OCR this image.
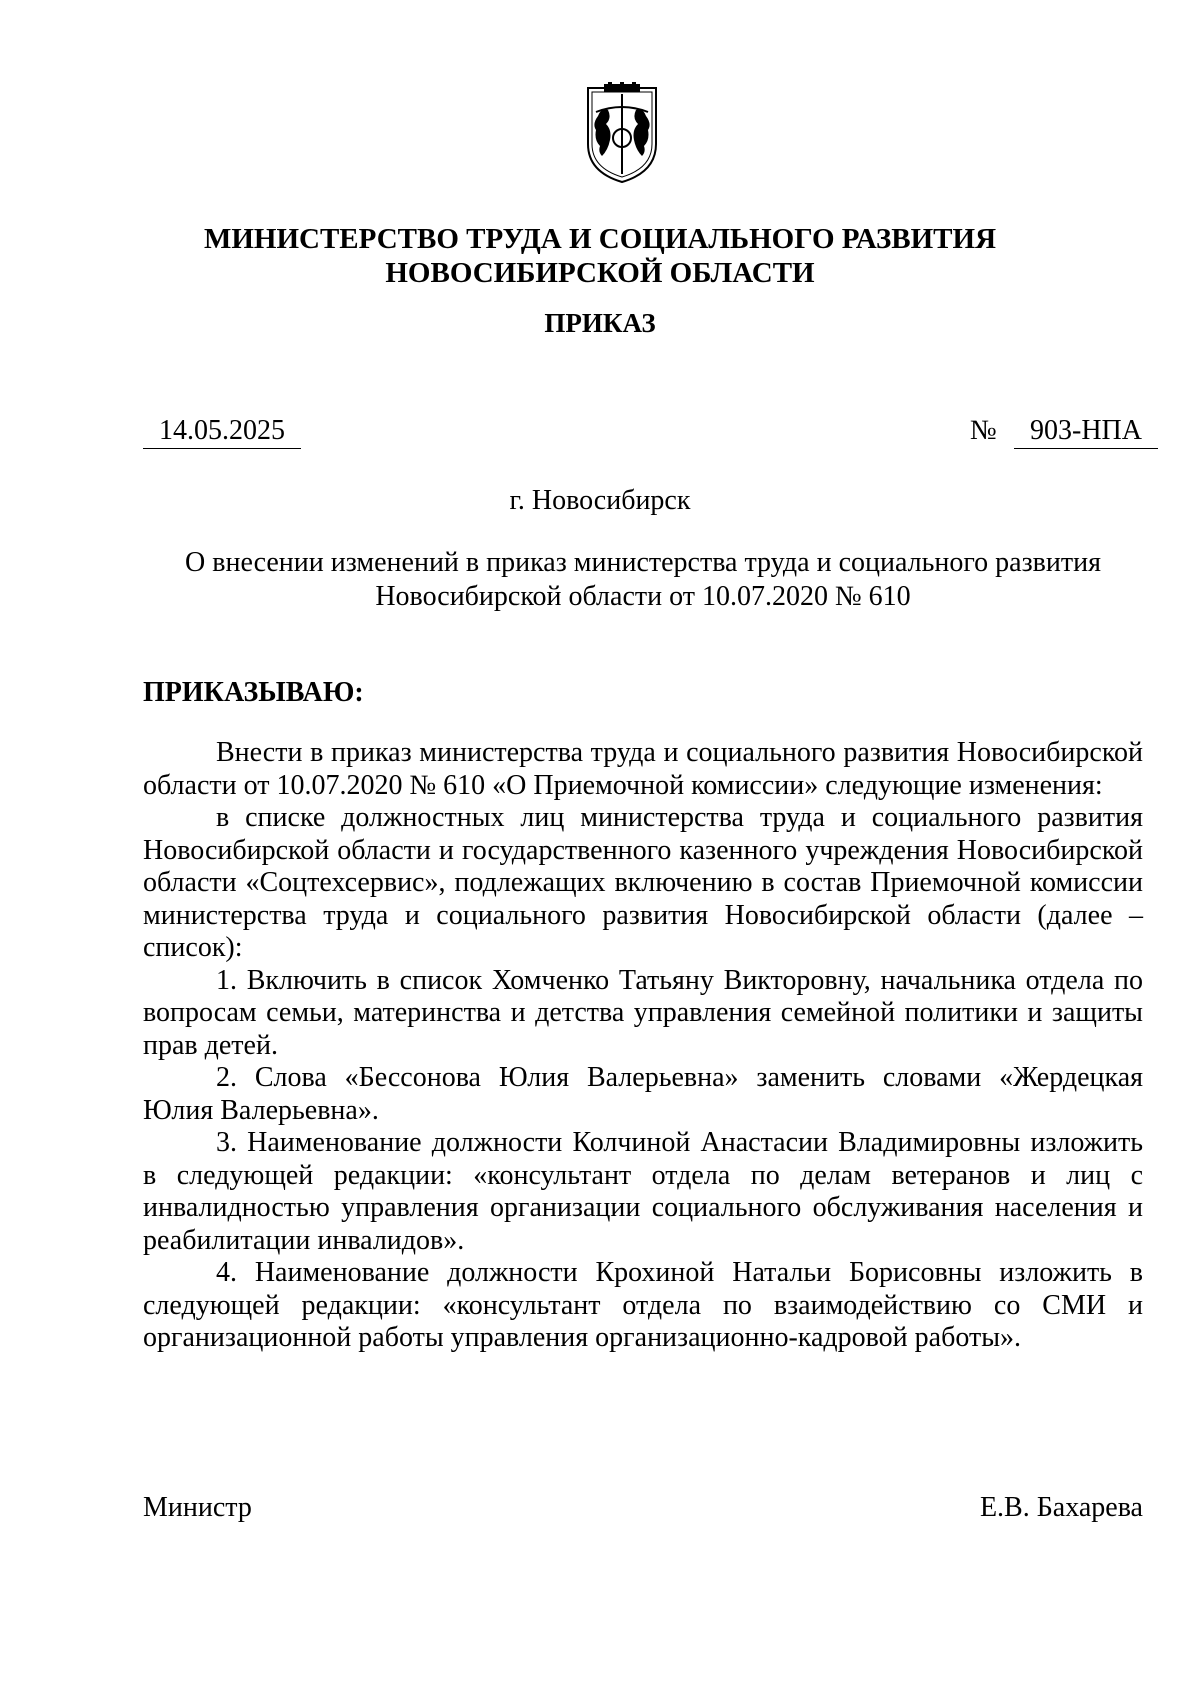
МИНИСТЕРСТВО ТРУДА И СОЦИАЛЬНОГО РАЗВИТИЯ
НОВОСИБИРСКОЙ ОБЛАСТИ
ПРИКАЗ
14.05.2025	№	903-НПА
г. Новосибирск
О внесении изменений в приказ министерства труда и социального развития
Новосибирской области от 10.07.2020 № 610
ПРИКАЗЫВАЮ:

Внести в приказ министерства труда и социального развития Новосибирской области от 10.07.2020 № 610 «О Приемочной комиссии» следующие изменения:

в списке должностных лиц министерства труда и социального развития Новосибирской области и государственного казенного учреждения Новосибирской области «Соцтехсервис», подлежащих включению в состав Приемочной комиссии министерства труда и социального развития Новосибирской области (далее – список):

1. Включить в список Хомченко Татьяну Викторовну, начальника отдела по вопросам семьи, материнства и детства управления семейной политики и защиты прав детей.

2. Слова «Бессонова Юлия Валерьевна» заменить словами «Жердецкая Юлия Валерьевна».

3. Наименование должности Колчиной Анастасии Владимировны изложить в следующей редакции: «консультант отдела по делам ветеранов и лиц с инвалидностью управления организации социального обслуживания населения и реабилитации инвалидов».

4. Наименование должности Крохиной Натальи Борисовны изложить в следующей редакции: «консультант отдела по взаимодействию со СМИ и организационной работы управления организационно-кадровой работы».

Министр	Е.В. Бахарева
